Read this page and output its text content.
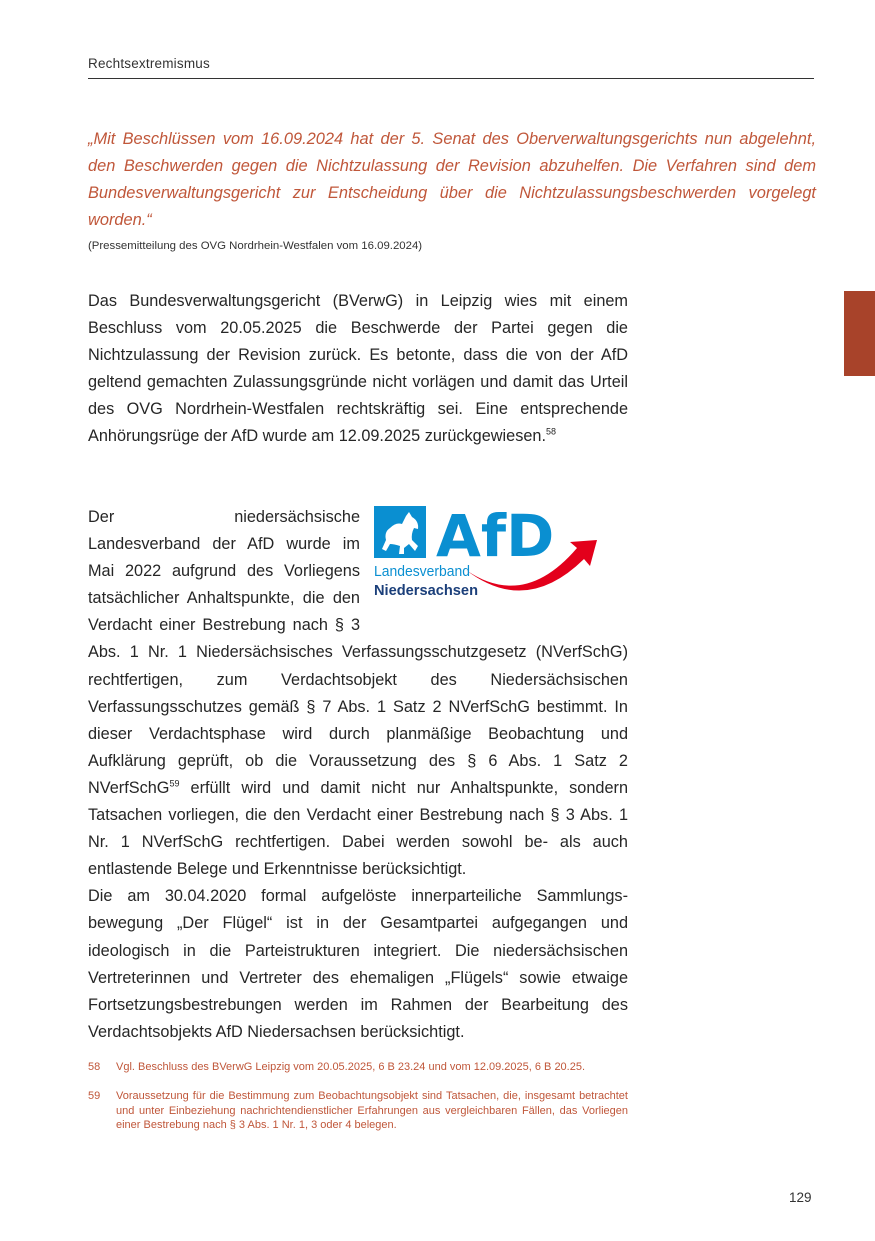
Rechtsextremismus

„Mit Beschlüssen vom 16.09.2024 hat der 5. Senat des Oberverwaltungsgerichts nun abgelehnt, den Beschwerden gegen die Nichtzulassung der Revision abzuhelfen. Die Verfahren sind dem Bundesverwaltungsgericht zur Entscheidung über die Nichtzulassungsbeschwerden vorgelegt worden.“

(Pressemitteilung des OVG Nordrhein-Westfalen vom 16.09.2024)

Das Bundesverwaltungsgericht (BVerwG) in Leipzig wies mit einem Beschluss vom 20.05.2025 die Beschwerde der Partei gegen die Nichtzulassung der Revision zurück. Es betonte, dass die von der AfD geltend gemachten Zulassungsgründe nicht vorlägen und damit das Urteil des OVG Nordrhein-Westfalen rechtskräftig sei. Eine entsprechende Anhörungsrüge der AfD wurde am 12.09.2025 zurückgewiesen.$^{58}$

AfD
Landesverband
Niedersachsen

Der niedersächsische Landesverband der AfD wurde im Mai 2022 aufgrund des Vorliegens tatsächlicher Anhaltspunkte, die den Verdacht einer Bestrebung nach § 3 Abs. 1 Nr. 1 Niedersächsisches Verfassungsschutzgesetz (NVerfSchG) rechtfertigen, zum Verdachtsobjekt des Niedersächsischen Verfassungsschutzes gemäß § 7 Abs. 1 Satz 2 NVerfSchG bestimmt. In dieser Verdachtsphase wird durch planmäßige Beobachtung und Aufklärung geprüft, ob die Voraussetzung des § 6 Abs. 1 Satz 2 NVerfSchG$^{59}$ erfüllt wird und damit nicht nur Anhaltspunkte, sondern Tatsachen vorliegen, die den Verdacht einer Bestrebung nach § 3 Abs. 1 Nr. 1 NVerfSchG rechtfertigen. Dabei werden sowohl be- als auch entlastende Belege und Erkenntnisse berücksichtigt.

Die am 30.04.2020 formal aufgelöste innerparteiliche Sammlungsbewegung „Der Flügel“ ist in der Gesamtpartei aufgegangen und ideologisch in die Parteistrukturen integriert. Die niedersächsischen Vertreterinnen und Vertreter des ehemaligen „Flügels“ sowie etwaige Fortsetzungsbestrebungen werden im Rahmen der Bearbeitung des Verdachtsobjekts AfD Niedersachsen berücksichtigt.

58	Vgl. Beschluss des BVerwG Leipzig vom 20.05.2025, 6 B 23.24 und vom 12.09.2025, 6 B 20.25.
59	Voraussetzung für die Bestimmung zum Beobachtungsobjekt sind Tatsachen, die, insgesamt betrachtet und unter Einbeziehung nachrichtendienstlicher Erfahrungen aus vergleichbaren Fällen, das Vorliegen einer Bestrebung nach § 3 Abs. 1 Nr. 1, 3 oder 4 belegen.
129
